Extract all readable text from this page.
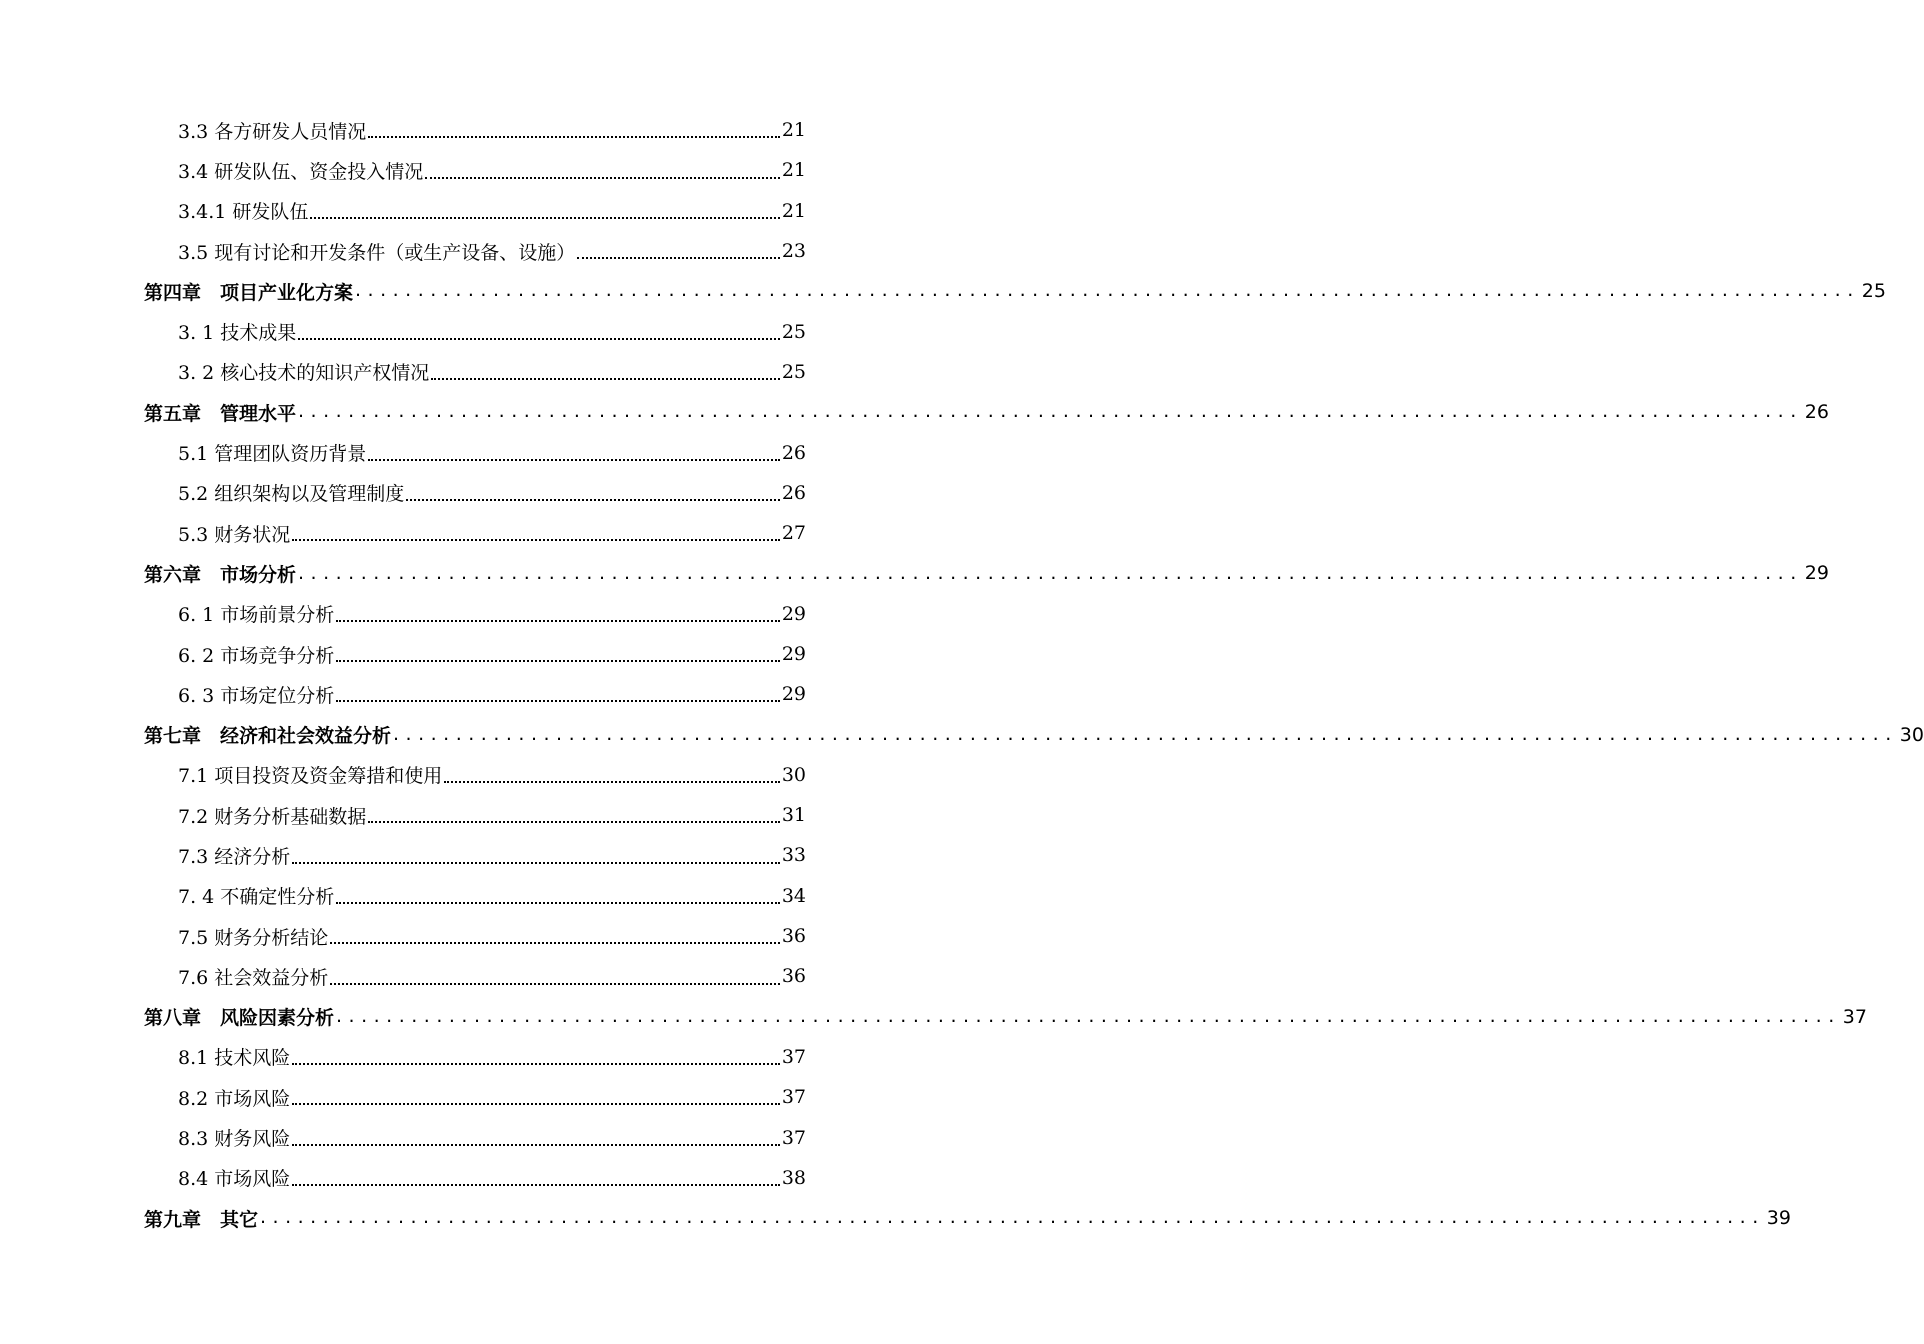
3.3 各方研发人员情况	21
3.4 研发队伍、资金投入情况	21
3.4.1 研发队伍	21
3.5 现有讨论和开发条件（或生产设备、设施）	23
第四章　项目产业化方案 ........................................................................................................................ 25
3. 1 技术成果	25
3. 2 核心技术的知识产权情况	25
第五章　管理水平 ........................................................................................................................ 26
5.1 管理团队资历背景	26
5.2 组织架构以及管理制度	26
5.3 财务状况	27
第六章　市场分析 ........................................................................................................................ 29
6. 1 市场前景分析	29
6. 2 市场竞争分析	29
6. 3 市场定位分析	29
第七章　经济和社会效益分析 ........................................................................................................................ 30
7.1 项目投资及资金筹措和使用	30
7.2 财务分析基础数据	31
7.3 经济分析	33
7. 4 不确定性分析	34
7.5 财务分析结论	36
7.6 社会效益分析	36
第八章　风险因素分析 ........................................................................................................................ 37
8.1 技术风险	37
8.2 市场风险	37
8.3 财务风险	37
8.4 市场风险	38
第九章　其它 ........................................................................................................................ 39
